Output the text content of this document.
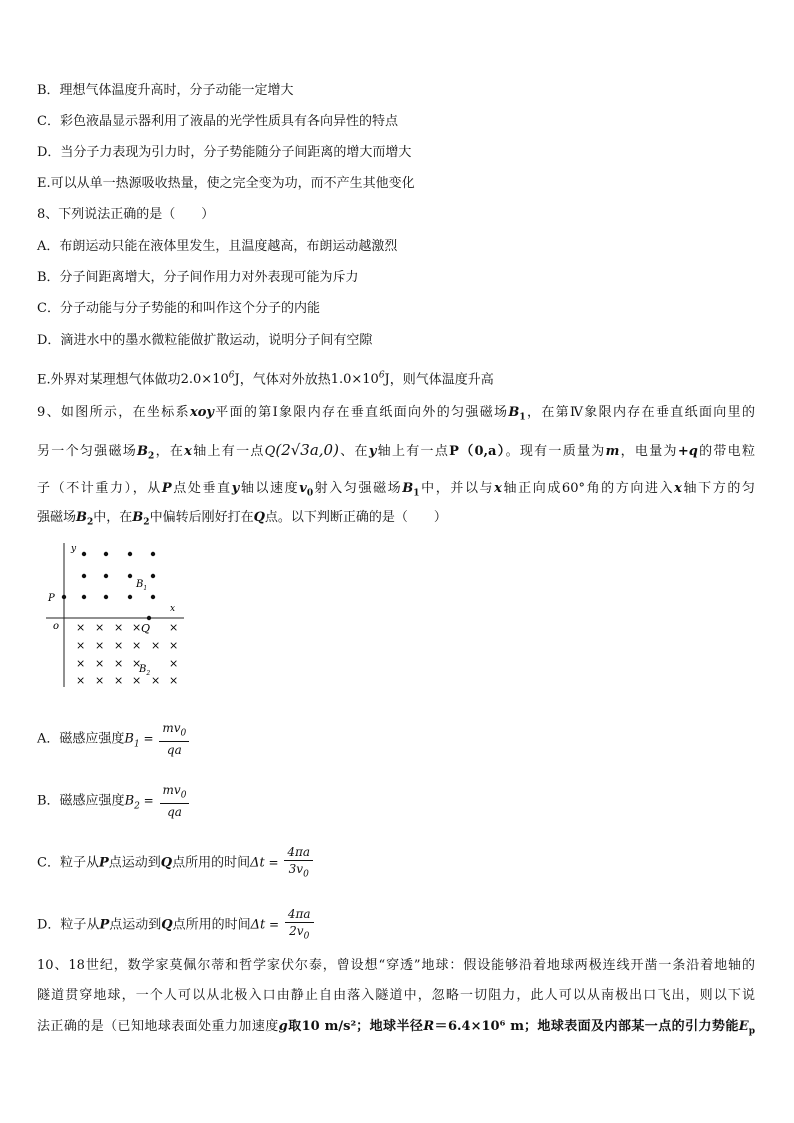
B．理想气体温度升高时，分子动能一定增大
C．彩色液晶显示器利用了液晶的光学性质具有各向异性的特点
D．当分子力表现为引力时，分子势能随分子间距离的增大而增大
E.可以从单一热源吸收热量，使之完全变为功，而不产生其他变化
8、下列说法正确的是（　　）
A．布朗运动只能在液体里发生，且温度越高，布朗运动越激烈
B．分子间距离增大，分子间作用力对外表现可能为斥力
C．分子动能与分子势能的和叫作这个分子的内能
D．滴进水中的墨水微粒能做扩散运动，说明分子间有空隙
E.外界对某理想气体做功$2.0\times 10^6J$，气体对外放热$1.0\times 10^6J$，则气体温度升高
9、如图所示，在坐标系xoy平面的第Ⅰ象限内存在垂直纸面向外的匀强磁场$B_1$，在第Ⅳ象限内存在垂直纸面向里的
另一个匀强磁场$B_2$，在x轴上有一点Q(2√3a,0)、在y轴上有一点P（0,a）。现有一质量为m，电量为+q的带电粒
子（不计重力），从P点处垂直y轴以速度$v_0$射入匀强磁场$B_1$中，并以与x轴正向成60°角的方向进入x轴下方的匀
强磁场$B_2$中，在$B_2$中偏转后刚好打在Q点。以下判断正确的是（　　）
y
x
o
P
× × × ×	×
× × × × × ×
× × × ×	×
× × × × × ×
Q
$B_1$
$B_2$
A．磁感应强度$B_1 = \frac{mv_0}{qa}$
B．磁感应强度$B_2 = \frac{mv_0}{qa}$
C．粒子从P点运动到Q点所用的时间$\Delta t = \frac{4\pi a}{3v_0}$
D．粒子从P点运动到Q点所用的时间$\Delta t = \frac{4\pi a}{2v_0}$
10、18世纪，数学家莫佩尔蒂和哲学家伏尔泰，曾设想“穿透”地球：假设能够沿着地球两极连线开凿一条沿着地轴的
隧道贯穿地球，一个人可以从北极入口由静止自由落入隧道中，忽略一切阻力，此人可以从南极出口飞出，则以下说
法正确的是（已知地球表面处重力加速度g取10 m/s²；地球半径R＝6.4×10⁶ m；地球表面及内部某一点的引力势能$E_p$
